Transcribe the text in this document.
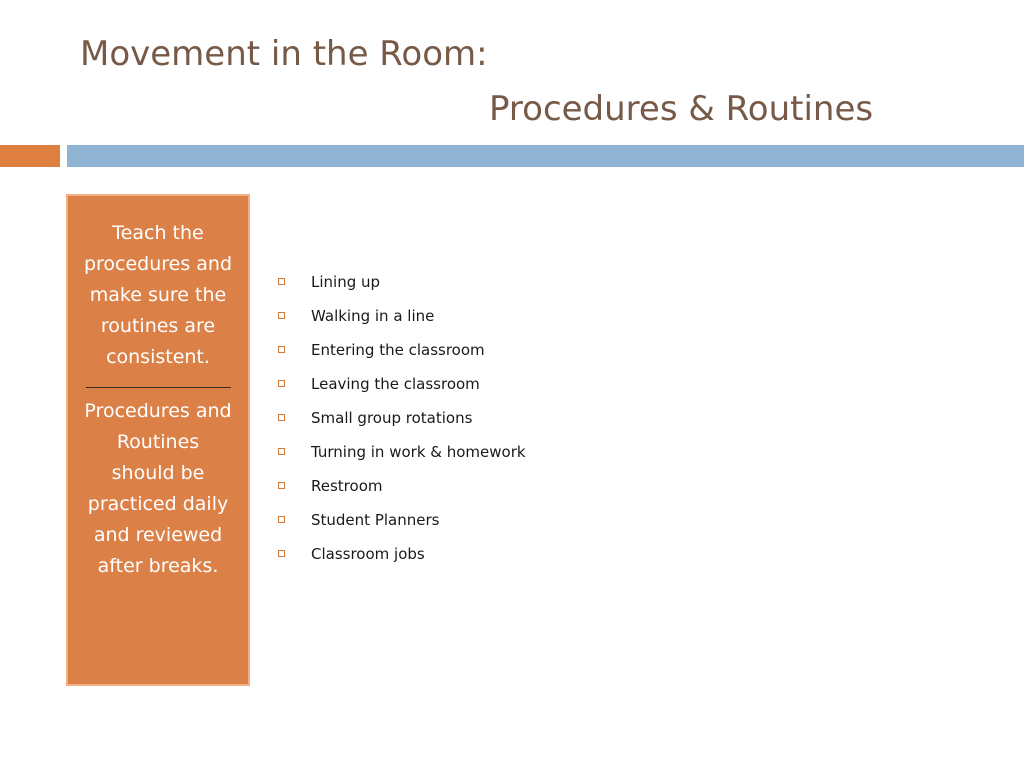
Movement in the Room:
Procedures & Routines

Teach the procedures and make sure the routines are consistent.

Procedures and Routines should be practiced daily and reviewed after breaks.

Lining up
Walking in a line
Entering the classroom
Leaving the classroom
Small group rotations
Turning in work & homework
Restroom
Student Planners
Classroom jobs
